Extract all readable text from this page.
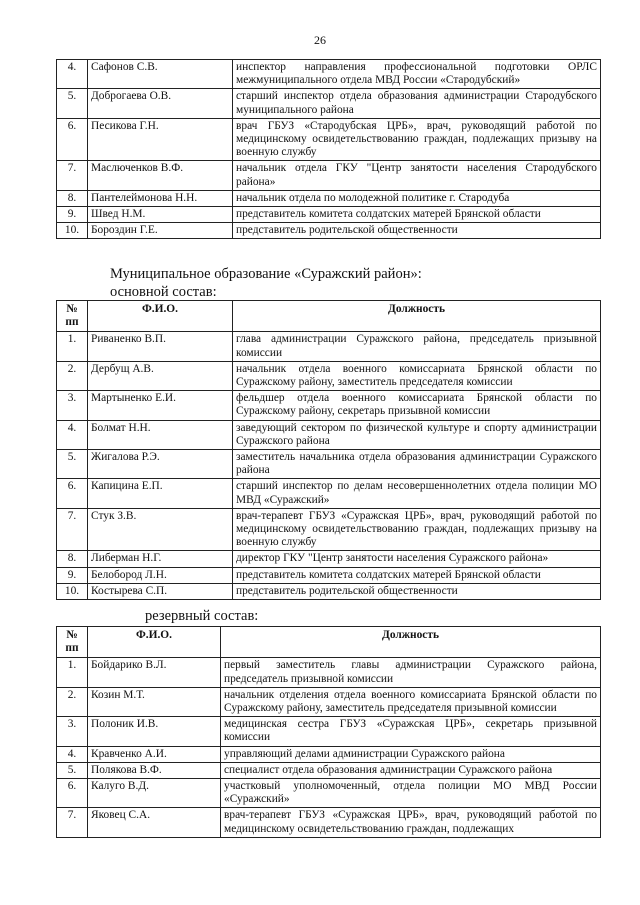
26
4.	Сафонов С.В.	инспектор направления профессиональной подготовки ОРЛС межмуниципального отдела МВД России «Стародубский»
5.	Доброгаева О.В.	старший инспектор отдела образования администрации Стародубского муниципального района
6.	Песикова Г.Н.	врач ГБУЗ «Стародубская ЦРБ», врач, руководящий работой по медицинскому освидетельствованию граждан, подлежащих призыву на военную службу
7.	Маслюченков В.Ф.	начальник отдела ГКУ "Центр занятости населения Стародубского района»
8.	Пантелеймонова Н.Н.	начальник отдела по молодежной политике г. Стародуба
9.	Швед Н.М.	представитель комитета солдатских матерей Брянской области
10.	Бороздин Г.Е.	представитель родительской общественности
Муниципальное образование «Суражский район»:
основной состав:
№ пп	Ф.И.О.	Должность
1.	Риваненко В.П.	глава администрации Суражского района, председатель призывной комиссии
2.	Дербущ А.В.	начальник отдела военного комиссариата Брянской области по Суражскому району, заместитель председателя комиссии
3.	Мартыненко Е.И.	фельдшер отдела военного комиссариата Брянской области по Суражскому району, секретарь призывной комиссии
4.	Болмат Н.Н.	заведующий сектором по физической культуре и спорту администрации Суражского района
5.	Жигалова Р.Э.	заместитель начальника отдела образования администрации Суражского района
6.	Капицина Е.П.	старший инспектор по делам несовершеннолетних отдела полиции МО МВД «Суражский»
7.	Стук З.В.	врач-терапевт ГБУЗ «Суражская ЦРБ», врач, руководящий работой по медицинскому освидетельствованию граждан, подлежащих призыву на военную службу
8.	Либерман Н.Г.	директор ГКУ "Центр занятости населения Суражского района»
9.	Белобород Л.Н.	представитель комитета солдатских матерей Брянской области
10.	Костырева С.П.	представитель родительской общественности
резервный состав:
№ пп	Ф.И.О.	Должность
1.	Бойдарико В.Л.	первый заместитель главы администрации Суражского района, председатель призывной комиссии
2.	Козин М.Т.	начальник отделения отдела военного комиссариата Брянской области по Суражскому району, заместитель председателя призывной комиссии
3.	Полоник И.В.	медицинская сестра ГБУЗ «Суражская ЦРБ», секретарь призывной комиссии
4.	Кравченко А.И.	управляющий делами администрации Суражского района
5.	Полякова В.Ф.	специалист отдела образования администрации Суражского района
6.	Калуго В.Д.	участковый уполномоченный, отдела полиции МО МВД России «Суражский»
7.	Яковец С.А.	врач-терапевт ГБУЗ «Суражская ЦРБ», врач, руководящий работой по медицинскому освидетельствованию граждан, подлежащих
